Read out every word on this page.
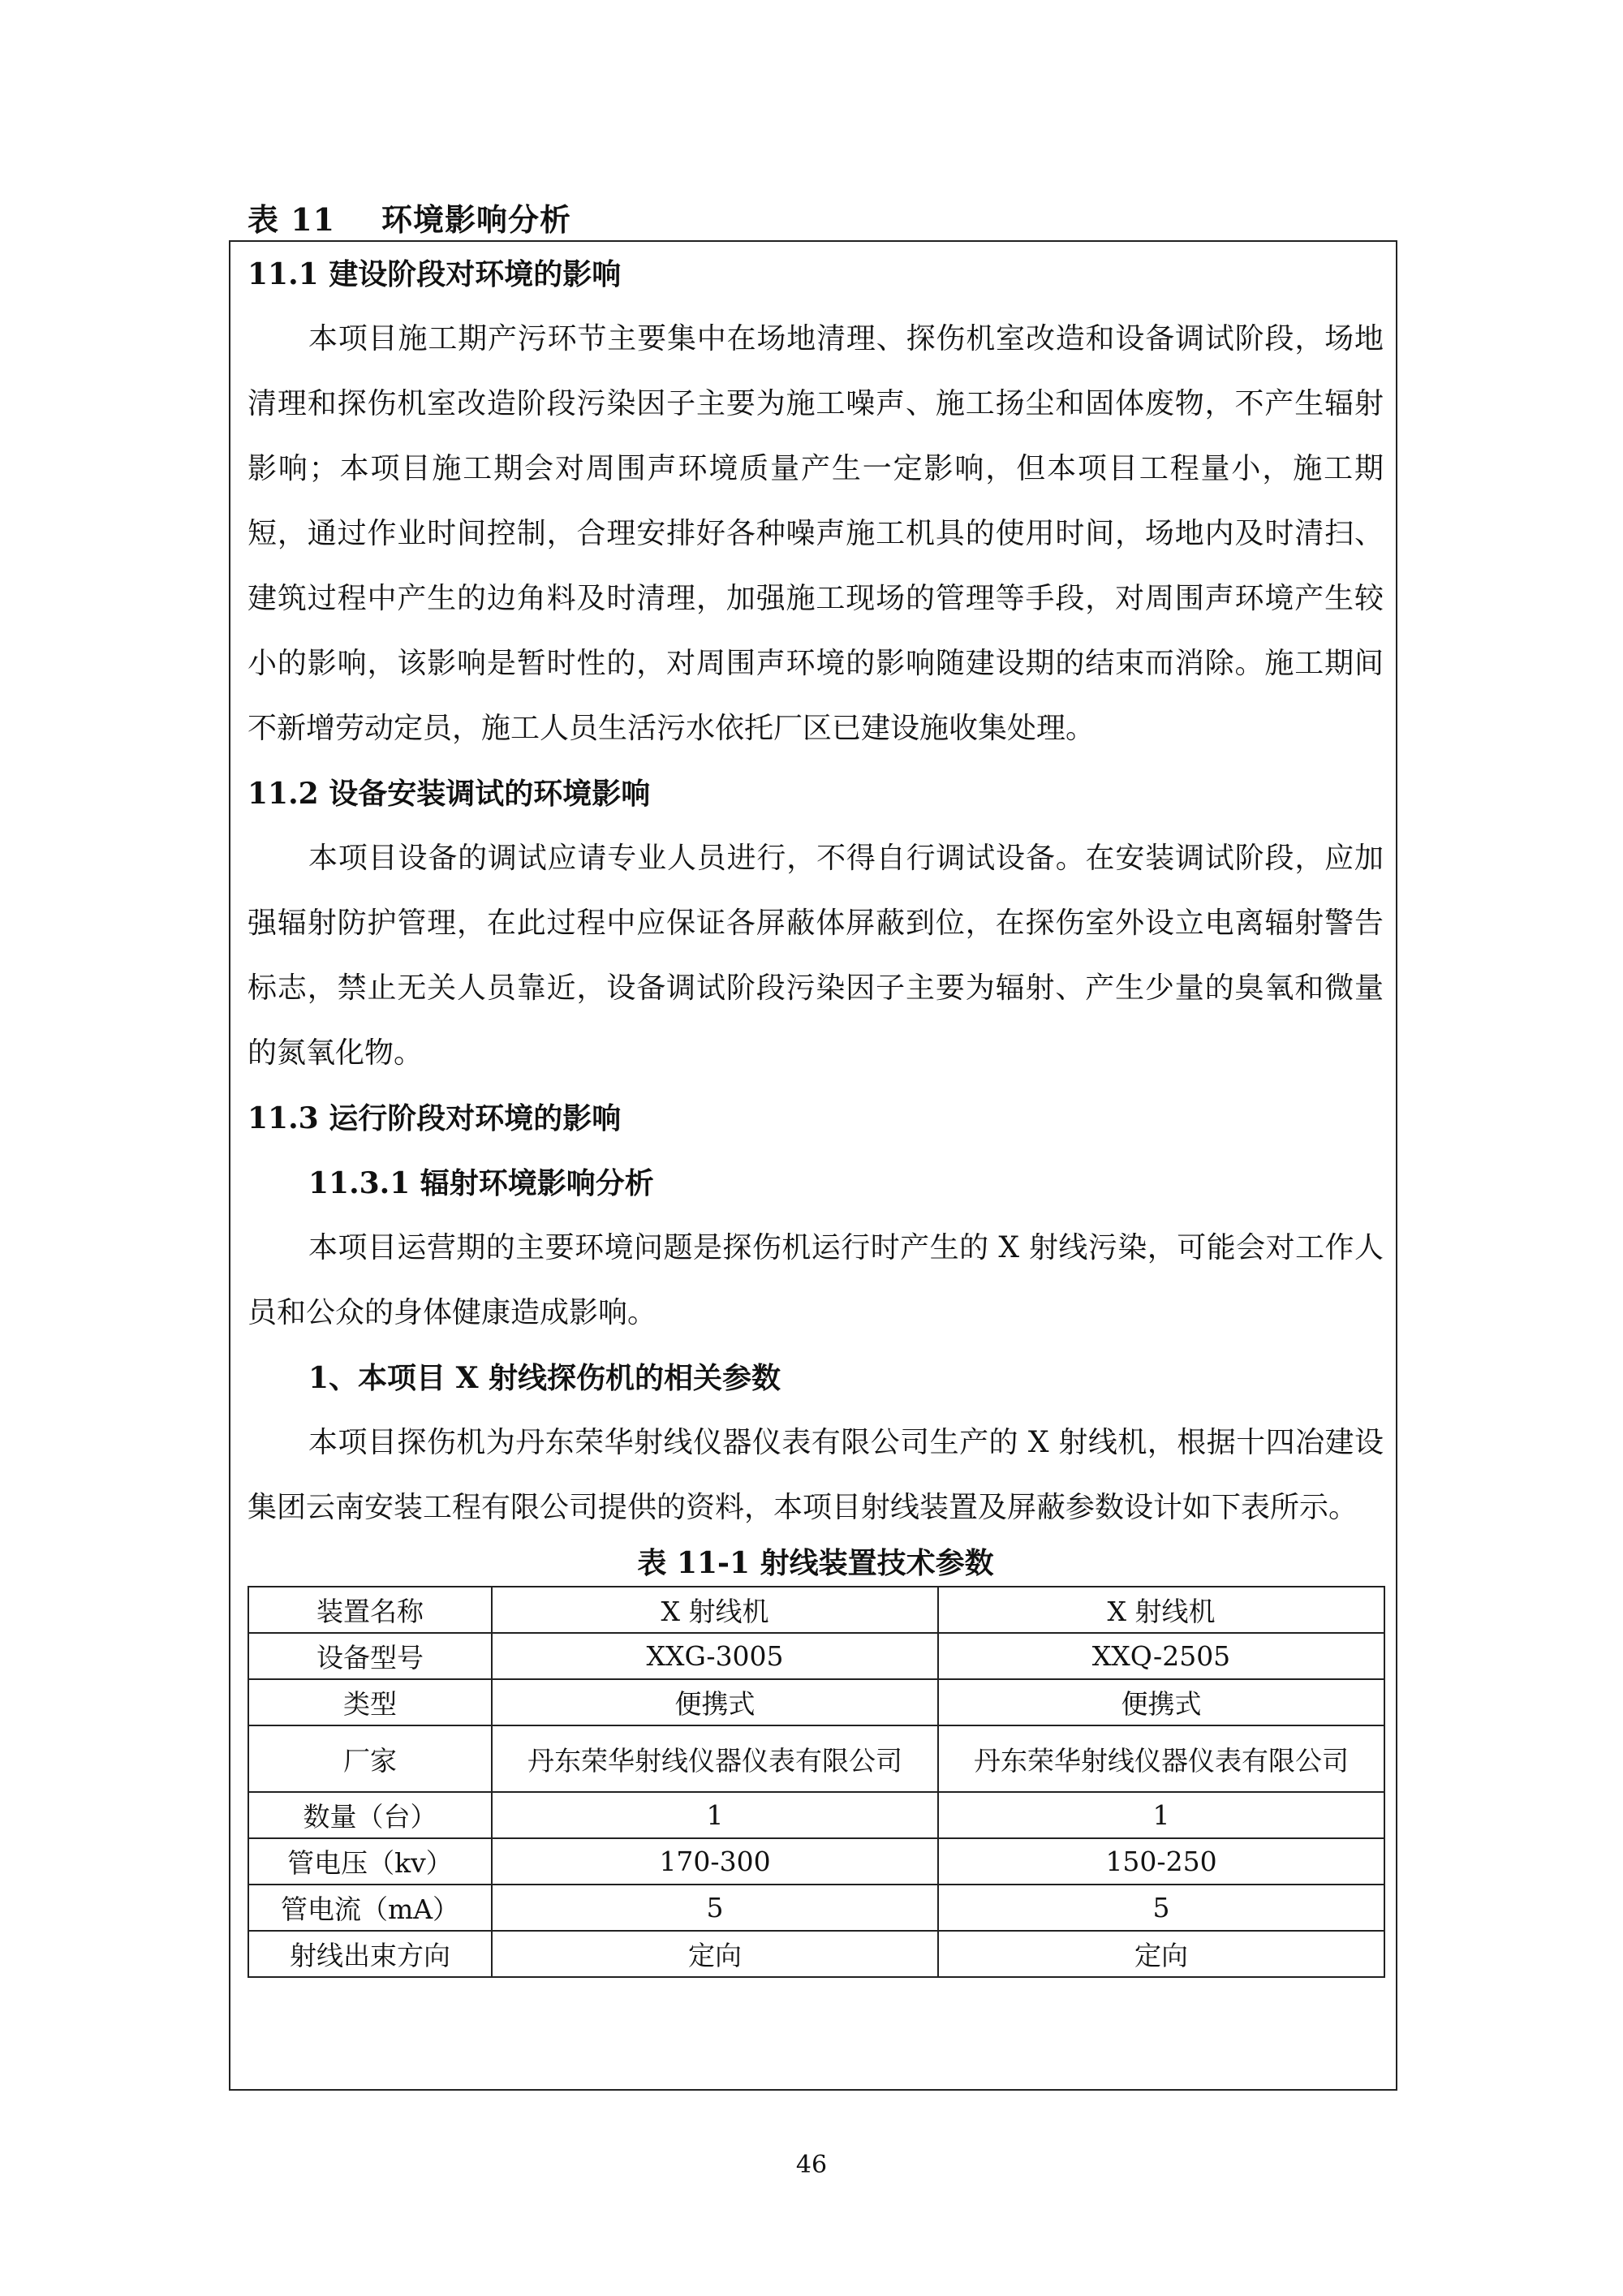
表 11    环境影响分析
11.1 建设阶段对环境的影响

本项目施工期产污环节主要集中在场地清理、探伤机室改造和设备调试阶段，场地清理和探伤机室改造阶段污染因子主要为施工噪声、施工扬尘和固体废物，不产生辐射影响；本项目施工期会对周围声环境质量产生一定影响，但本项目工程量小，施工期短，通过作业时间控制，合理安排好各种噪声施工机具的使用时间，场地内及时清扫、建筑过程中产生的边角料及时清理，加强施工现场的管理等手段，对周围声环境产生较小的影响，该影响是暂时性的，对周围声环境的影响随建设期的结束而消除。施工期间不新增劳动定员，施工人员生活污水依托厂区已建设施收集处理。

11.2 设备安装调试的环境影响

本项目设备的调试应请专业人员进行，不得自行调试设备。在安装调试阶段，应加强辐射防护管理，在此过程中应保证各屏蔽体屏蔽到位，在探伤室外设立电离辐射警告标志，禁止无关人员靠近，设备调试阶段污染因子主要为辐射、产生少量的臭氧和微量的氮氧化物。

11.3 运行阶段对环境的影响
11.3.1 辐射环境影响分析

本项目运营期的主要环境问题是探伤机运行时产生的 X 射线污染，可能会对工作人员和公众的身体健康造成影响。

1、本项目 X 射线探伤机的相关参数

本项目探伤机为丹东荣华射线仪器仪表有限公司生产的 X 射线机，根据十四冶建设集团云南安装工程有限公司提供的资料，本项目射线装置及屏蔽参数设计如下表所示。

表 11-1 射线装置技术参数
装置名称	X 射线机	X 射线机
设备型号	XXG-3005	XXQ-2505
类型	便携式	便携式
厂家	丹东荣华射线仪器仪表有限公司	丹东荣华射线仪器仪表有限公司
数量（台）	1	1
管电压（kv）	170-300	150-250
管电流（mA）	5	5
射线出束方向	定向	定向
46
